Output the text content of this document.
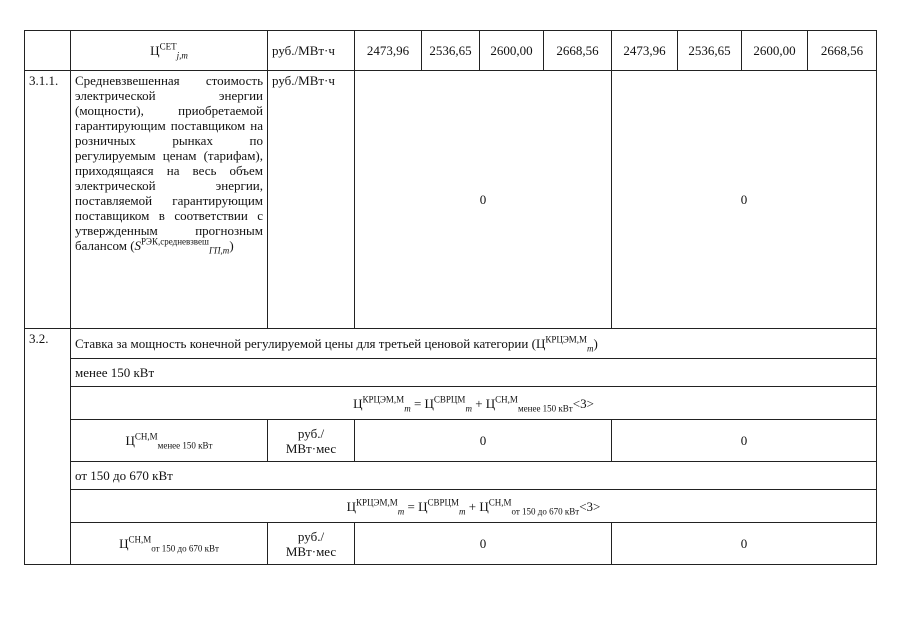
	$Ц^{СЕТ}_{j,m}$	руб./МВт·ч	2473,96	2536,65	2600,00	2668,56	2473,96	2536,65	2600,00	2668,56
3.1.1.	Средневзвешенная стоимость электрической энергии (мощности), приобретаемой гарантирующим поставщиком на розничных рынках по регулируемым ценам (тарифам), приходящаяся на весь объем электрической энергии, поставляемой гарантирующим поставщиком в соответствии с утвержденным прогнозным балансом $(S^{РЭК,средневзвеш}_{ГП,m})$	руб./МВт·ч	0				0			
3.2.	Ставка за мощность конечной регулируемой цены для третьей ценовой категории $(Ц^{КРЦЭМ,М}_m)$									
	менее 150 кВт									
	$Ц^{КРЦЭМ,М}_m = Ц^{СВРЦМ}_m + Ц^{СН,М}_{менее 150 кВт}<3>$									
	$Ц^{СН,М}_{менее 150 кВт}$	руб./
МВт·мес	0				0			
	от 150 до 670 кВт									
	$Ц^{КРЦЭМ,М}_m = Ц^{СВРЦМ}_m + Ц^{СН,М}_{от 150 до 670 кВт}<3>$									
	$Ц^{СН,М}_{от 150 до 670 кВт}$	руб./
МВт·мес	0				0			
